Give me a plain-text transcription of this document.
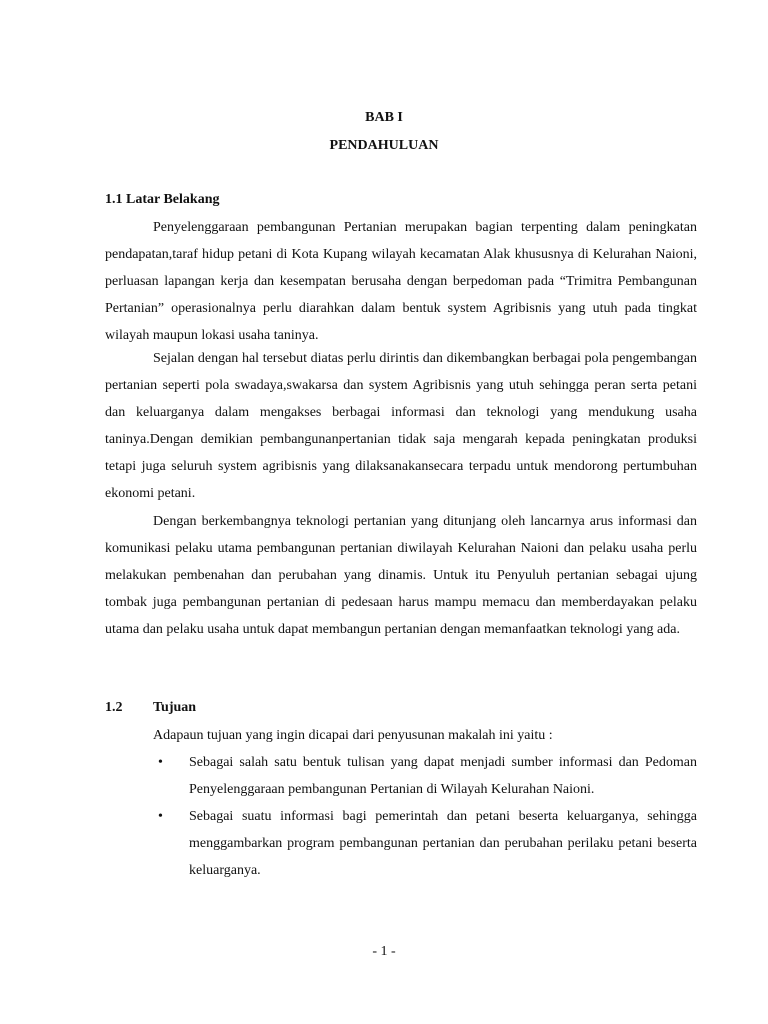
BAB I
PENDAHULUAN
1.1 Latar Belakang

Penyelenggaraan pembangunan Pertanian merupakan bagian terpenting dalam peningkatan pendapatan,taraf hidup petani di Kota Kupang wilayah kecamatan Alak khususnya di Kelurahan Naioni, perluasan lapangan kerja dan kesempatan berusaha dengan berpedoman pada “Trimitra Pembangunan Pertanian” operasionalnya perlu diarahkan dalam bentuk system Agribisnis yang utuh pada tingkat wilayah maupun lokasi usaha taninya.

Sejalan dengan hal tersebut diatas perlu dirintis dan dikembangkan berbagai pola pengembangan pertanian seperti pola swadaya,swakarsa dan system Agribisnis yang utuh sehingga peran serta petani dan keluarganya dalam mengakses berbagai informasi dan teknologi yang mendukung usaha taninya.Dengan demikian pembangunanpertanian tidak saja mengarah kepada peningkatan produksi tetapi juga seluruh system agribisnis yang dilaksanakansecara terpadu untuk mendorong pertumbuhan ekonomi petani.

Dengan berkembangnya teknologi pertanian yang ditunjang oleh lancarnya arus informasi dan komunikasi pelaku utama pembangunan pertanian diwilayah Kelurahan Naioni dan pelaku usaha perlu melakukan pembenahan dan perubahan yang dinamis. Untuk itu Penyuluh pertanian sebagai ujung tombak juga pembangunan pertanian di pedesaan harus mampu memacu dan memberdayakan pelaku utama dan pelaku usaha untuk dapat membangun pertanian dengan memanfaatkan teknologi yang ada.

1.2 Tujuan
Adapaun tujuan yang ingin dicapai dari penyusunan makalah ini yaitu :
• Sebagai salah satu bentuk tulisan yang dapat menjadi sumber informasi dan Pedoman Penyelenggaraan pembangunan Pertanian di Wilayah Kelurahan Naioni.
• Sebagai suatu informasi bagi pemerintah dan petani beserta keluarganya, sehingga menggambarkan program pembangunan pertanian dan perubahan perilaku petani beserta keluarganya.
- 1 -
